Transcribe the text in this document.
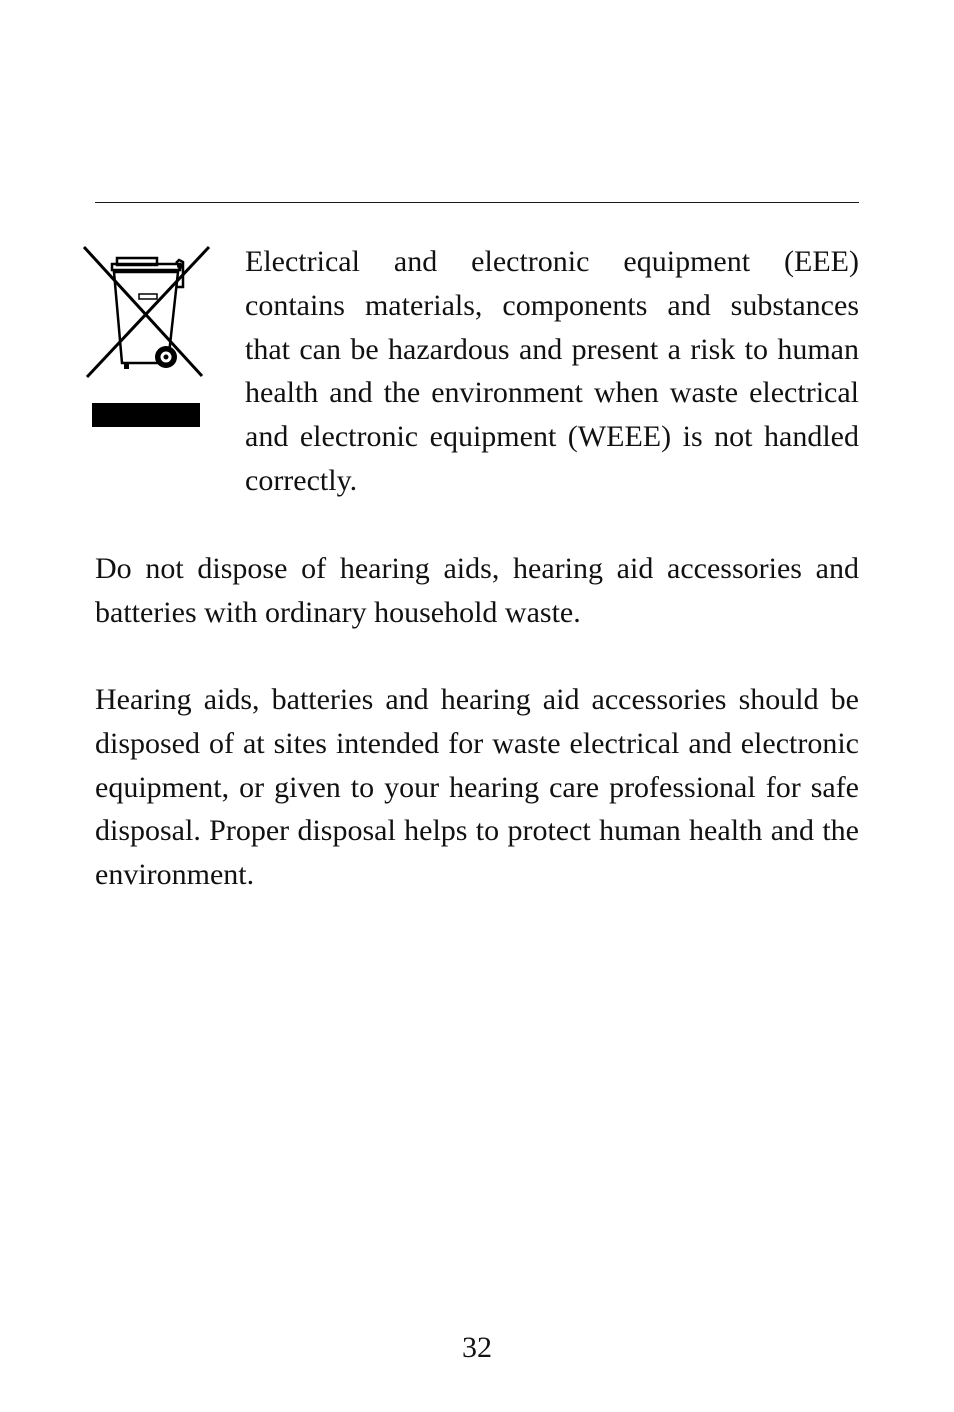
Electrical and electronic equipment (EEE) contains materials, components and substances that can be hazardous and present a risk to human health and the environment when waste electrical and electronic equipment (WEEE) is not handled correctly.

Do not dispose of hearing aids, hearing aid accessories and batteries with ordinary household waste.

Hearing aids, batteries and hearing aid accessories should be disposed of at sites intended for waste electrical and electronic equipment, or given to your hearing care professional for safe disposal. Proper disposal helps to protect human health and the environment.

32
